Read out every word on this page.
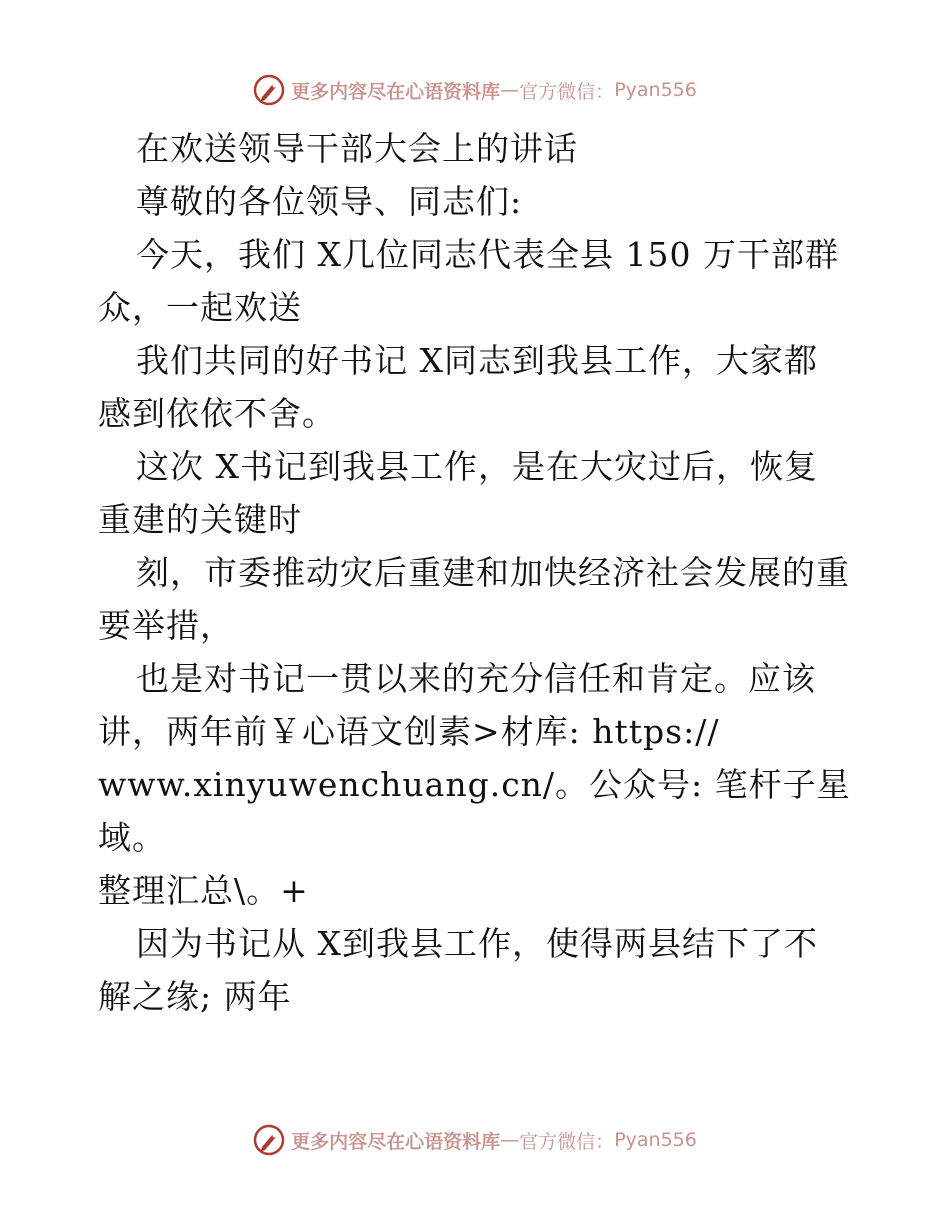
更多内容尽在心语资料库 — 官方微信： Pyan556

在欢送领导干部大会上的讲话
尊敬的各位领导、同志们:
今天，我们 X几位同志代表全县 150 万干部群
众，一起欢送
我们共同的好书记 X同志到我县工作，大家都
感到依依不舍。
这次 X书记到我县工作，是在大灾过后，恢复
重建的关键时
刻，市委推动灾后重建和加快经济社会发展的重
要举措，
也是对书记一贯以来的充分信任和肯定。应该
讲，两年前￥心语文创素>材库: https://
www.xinyuwenchuang.cn/。公众号: 笔杆子星域。
整理汇总\。+
因为书记从 X到我县工作，使得两县结下了不
解之缘; 两年

更多内容尽在心语资料库 — 官方微信： Pyan556
